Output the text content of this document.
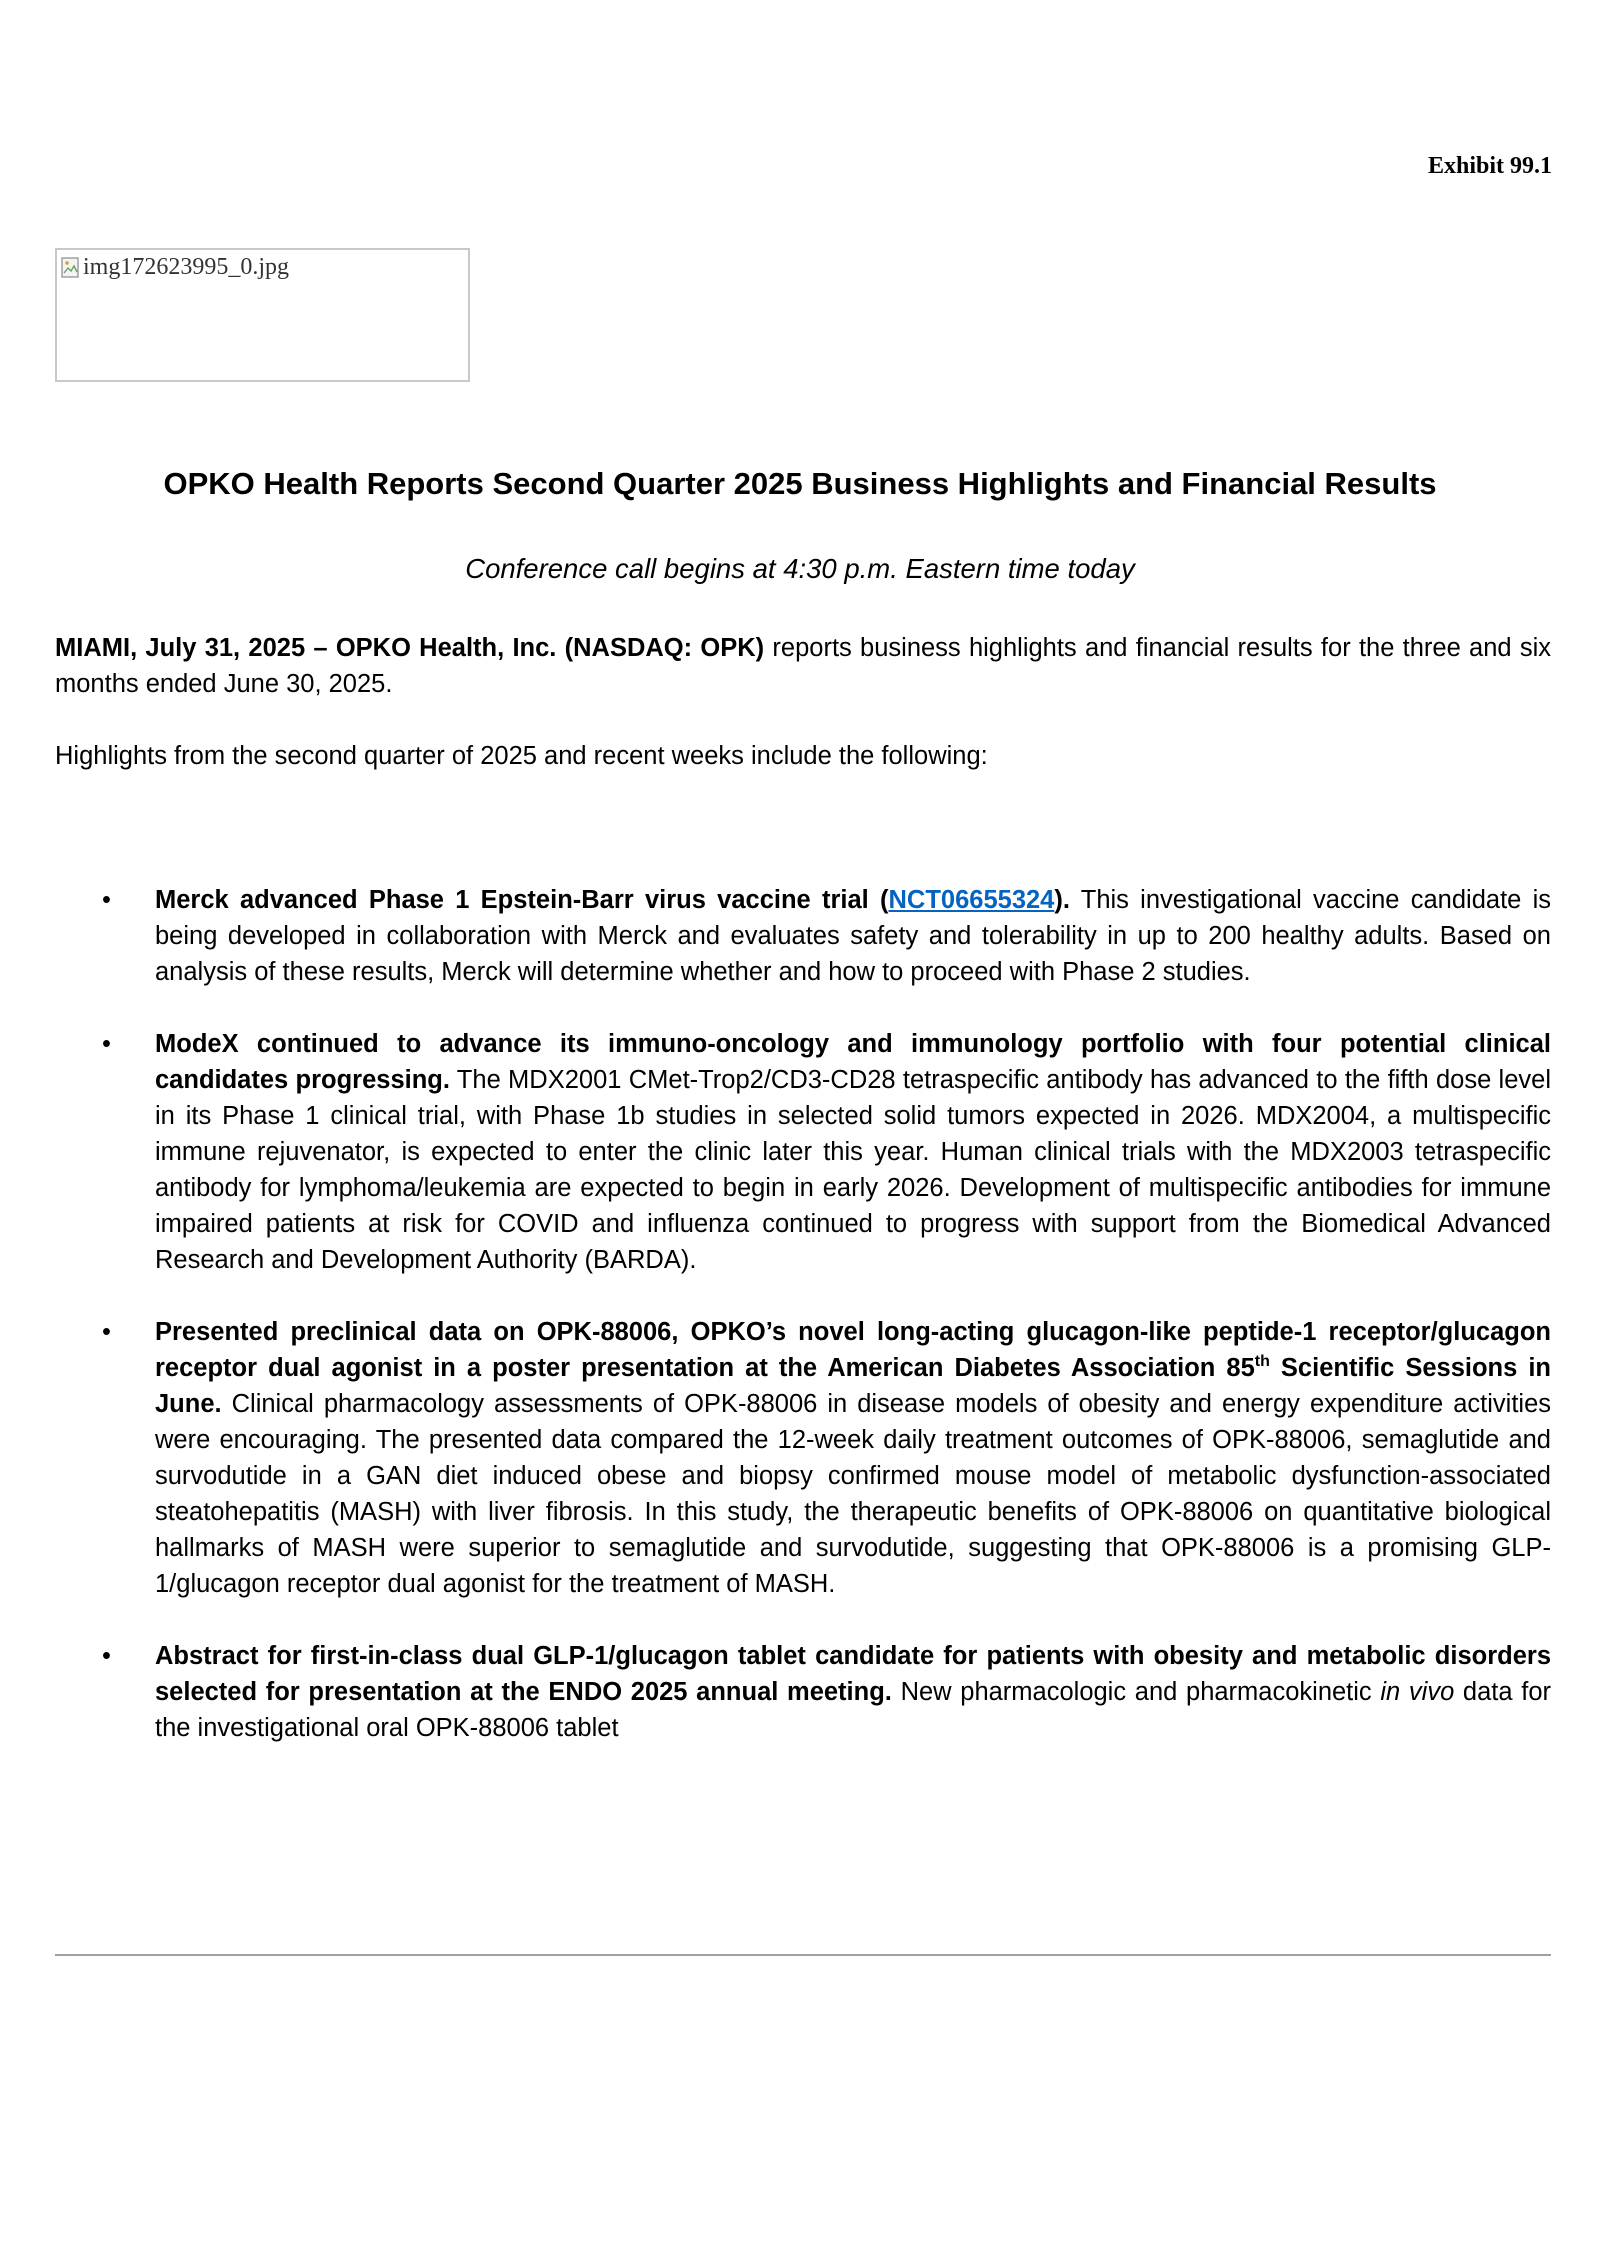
Exhibit 99.1
img172623995_0.jpg
OPKO Health Reports Second Quarter 2025 Business Highlights and Financial Results
Conference call begins at 4:30 p.m. Eastern time today

MIAMI, July 31, 2025 – OPKO Health, Inc. (NASDAQ: OPK) reports business highlights and financial results for the three and six months ended June 30, 2025.

Highlights from the second quarter of 2025 and recent weeks include the following:

• Merck advanced Phase 1 Epstein-Barr virus vaccine trial (NCT06655324). This investigational vaccine candidate is being developed in collaboration with Merck and evaluates safety and tolerability in up to 200 healthy adults. Based on analysis of these results, Merck will determine whether and how to proceed with Phase 2 studies.
• ModeX continued to advance its immuno-oncology and immunology portfolio with four potential clinical candidates progressing. The MDX2001 CMet-Trop2/CD3-CD28 tetraspecific antibody has advanced to the fifth dose level in its Phase 1 clinical trial, with Phase 1b studies in selected solid tumors expected in 2026. MDX2004, a multispecific immune rejuvenator, is expected to enter the clinic later this year. Human clinical trials with the MDX2003 tetraspecific antibody for lymphoma/leukemia are expected to begin in early 2026. Development of multispecific antibodies for immune impaired patients at risk for COVID and influenza continued to progress with support from the Biomedical Advanced Research and Development Authority (BARDA).
• Presented preclinical data on OPK-88006, OPKO’s novel long-acting glucagon-like peptide-1 receptor/glucagon receptor dual agonist in a poster presentation at the American Diabetes Association 85th Scientific Sessions in June. Clinical pharmacology assessments of OPK-88006 in disease models of obesity and energy expenditure activities were encouraging. The presented data compared the 12-week daily treatment outcomes of OPK-88006, semaglutide and survodutide in a GAN diet induced obese and biopsy confirmed mouse model of metabolic dysfunction-associated steatohepatitis (MASH) with liver fibrosis. In this study, the therapeutic benefits of OPK-88006 on quantitative biological hallmarks of MASH were superior to semaglutide and survodutide, suggesting that OPK-88006 is a promising GLP-1/glucagon receptor dual agonist for the treatment of MASH.
• Abstract for first-in-class dual GLP-1/glucagon tablet candidate for patients with obesity and metabolic disorders selected for presentation at the ENDO 2025 annual meeting. New pharmacologic and pharmacokinetic in vivo data for the investigational oral OPK-88006 tablet
